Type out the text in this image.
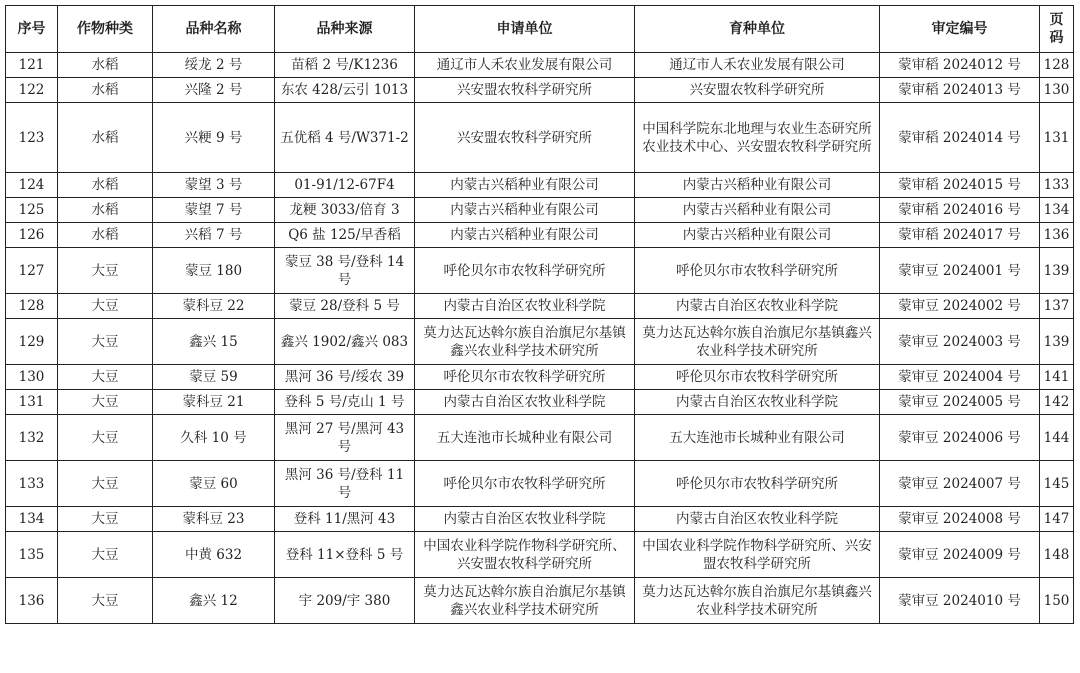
序号	作物种类	品种名称	品种来源	申请单位	育种单位	审定编号	页码
121	水稻	绥龙 2 号	苗稻 2 号/K1236	通辽市人禾农业发展有限公司	通辽市人禾农业发展有限公司	蒙审稻 2024012 号	128
122	水稻	兴隆 2 号	东农 428/云引 1013	兴安盟农牧科学研究所	兴安盟农牧科学研究所	蒙审稻 2024013 号	130
123	水稻	兴粳 9 号	五优稻 4 号/W371-2	兴安盟农牧科学研究所	中国科学院东北地理与农业生态研究所农业技术中心、兴安盟农牧科学研究所	蒙审稻 2024014 号	131
124	水稻	蒙望 3 号	01-91/12-67F4	内蒙古兴稻种业有限公司	内蒙古兴稻种业有限公司	蒙审稻 2024015 号	133
125	水稻	蒙望 7 号	龙粳 3033/倍育 3	内蒙古兴稻种业有限公司	内蒙古兴稻种业有限公司	蒙审稻 2024016 号	134
126	水稻	兴稻 7 号	Q6 盐 125/早香稻	内蒙古兴稻种业有限公司	内蒙古兴稻种业有限公司	蒙审稻 2024017 号	136
127	大豆	蒙豆 180	蒙豆 38 号/登科 14 号	呼伦贝尔市农牧科学研究所	呼伦贝尔市农牧科学研究所	蒙审豆 2024001 号	139
128	大豆	蒙科豆 22	蒙豆 28/登科 5 号	内蒙古自治区农牧业科学院	内蒙古自治区农牧业科学院	蒙审豆 2024002 号	137
129	大豆	鑫兴 15	鑫兴 1902/鑫兴 083	莫力达瓦达斡尔族自治旗尼尔基镇鑫兴农业科学技术研究所	莫力达瓦达斡尔族自治旗尼尔基镇鑫兴农业科学技术研究所	蒙审豆 2024003 号	139
130	大豆	蒙豆 59	黑河 36 号/绥农 39	呼伦贝尔市农牧科学研究所	呼伦贝尔市农牧科学研究所	蒙审豆 2024004 号	141
131	大豆	蒙科豆 21	登科 5 号/克山 1 号	内蒙古自治区农牧业科学院	内蒙古自治区农牧业科学院	蒙审豆 2024005 号	142
132	大豆	久科 10 号	黑河 27 号/黑河 43 号	五大连池市长城种业有限公司	五大连池市长城种业有限公司	蒙审豆 2024006 号	144
133	大豆	蒙豆 60	黑河 36 号/登科 11 号	呼伦贝尔市农牧科学研究所	呼伦贝尔市农牧科学研究所	蒙审豆 2024007 号	145
134	大豆	蒙科豆 23	登科 11/黑河 43	内蒙古自治区农牧业科学院	内蒙古自治区农牧业科学院	蒙审豆 2024008 号	147
135	大豆	中黄 632	登科 11×登科 5 号	中国农业科学院作物科学研究所、兴安盟农牧科学研究所	中国农业科学院作物科学研究所、兴安盟农牧科学研究所	蒙审豆 2024009 号	148
136	大豆	鑫兴 12	宇 209/宇 380	莫力达瓦达斡尔族自治旗尼尔基镇鑫兴农业科学技术研究所	莫力达瓦达斡尔族自治旗尼尔基镇鑫兴农业科学技术研究所	蒙审豆 2024010 号	150
